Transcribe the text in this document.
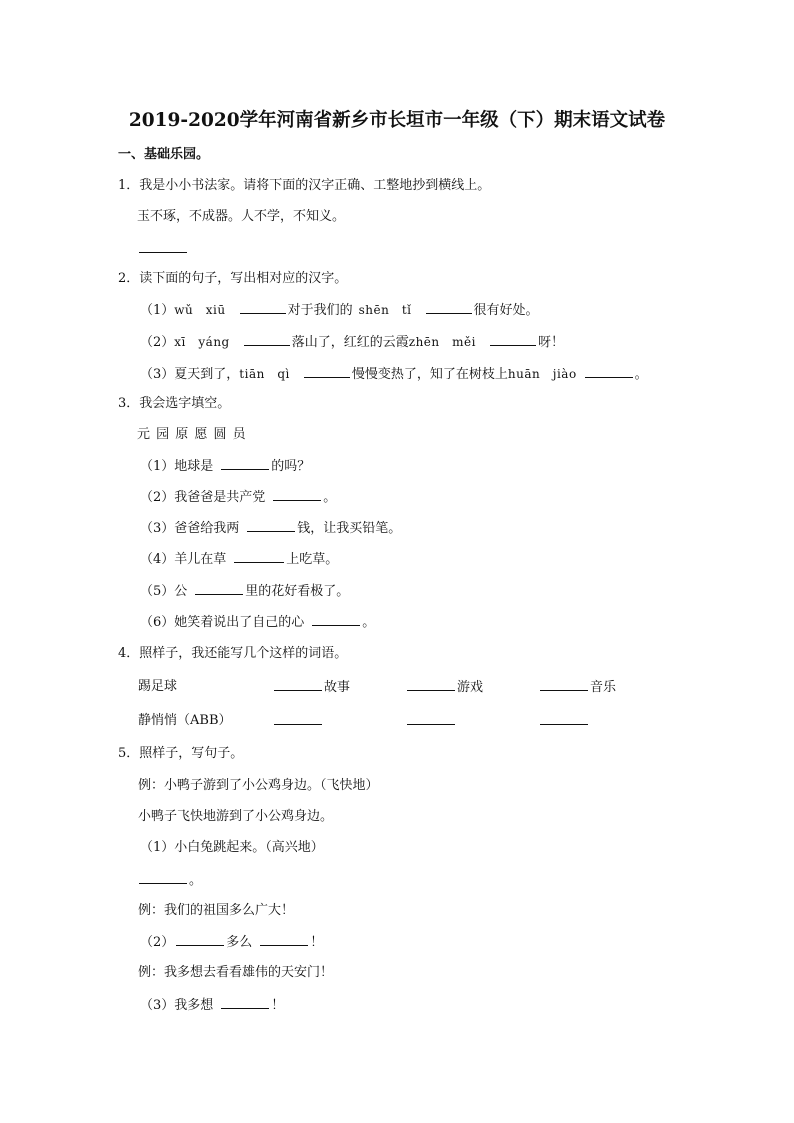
2019-2020学年河南省新乡市长垣市一年级（下）期末语文试卷
一、基础乐园。
1．我是小小书法家。请将下面的汉字正确、工整地抄到横线上。
玉不琢，不成器。人不学，不知义。
2．读下面的句子，写出相对应的汉字。
（1）wǔ　xiū	对于我们的 shēn　tǐ	很有好处。
（2）xī　yáng	落山了，红红的云霞zhēn　měi	呀！
（3）夏天到了，tiān　qì	慢慢变热了，知了在树枝上huān　jiào	。
3．我会选字填空。
元 园 原 愿 圆 员
（1）地球是	的吗？
（2）我爸爸是共产党	。
（3）爸爸给我两	钱，让我买铅笔。
（4）羊儿在草	上吃草。
（5）公	里的花好看极了。
（6）她笑着说出了自己的心	。
4．照样子，我还能写几个这样的词语。
踢足球	故事	游戏	音乐
静悄悄（ABB）
5．照样子，写句子。
例：小鸭子游到了小公鸡身边。（飞快地）
小鸭子飞快地游到了小公鸡身边。
（1）小白兔跳起来。（高兴地）
。
例：我们的祖国多么广大！
（2）	多么	！
例：我多想去看看雄伟的天安门！
（3）我多想	！
